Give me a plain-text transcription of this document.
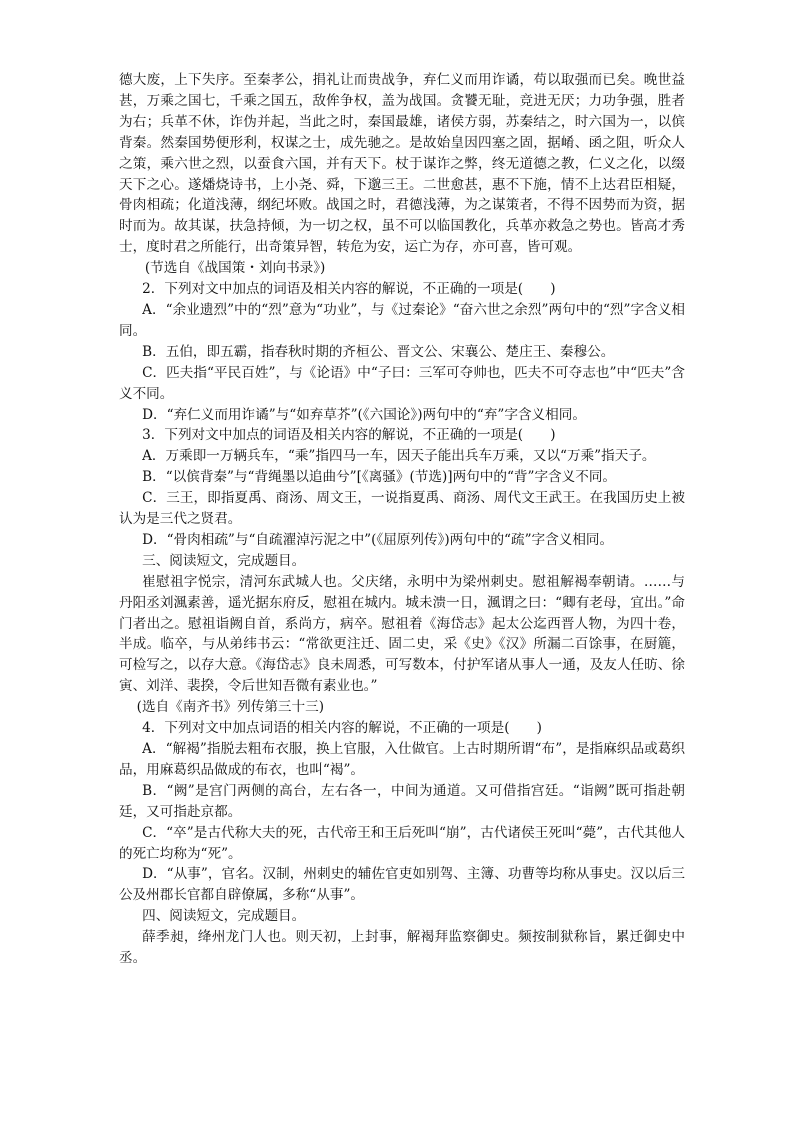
德大废，上下失序。至秦孝公，捐礼让而贵战争，弃仁义而用诈谲，苟以取强而已矣。晚世益甚，万乘之国七，千乘之国五，敌侔争权，盖为战国。贪饕无耻，竞进无厌；力功争强，胜者为右；兵革不休，诈伪并起，当此之时，秦国最雄，诸侯方弱，苏秦结之，时六国为一，以傧背秦。然秦国势便形利，权谋之士，成先驰之。是故始皇因四塞之固，据崤、函之阻，听众人之策，乘六世之烈，以蚕食六国，并有天下。杖于谋诈之弊，终无道德之教，仁义之化，以缀天下之心。遂燔烧诗书，上小尧、舜，下邈三王。二世愈甚，惠不下施，情不上达君臣相疑，骨肉相疏；化道浅薄，纲纪坏败。战国之时，君德浅薄，为之谋策者，不得不因势而为资，据时而为。故其谋，扶急持倾，为一切之权，虽不可以临国教化，兵革亦救急之势也。皆高才秀士，度时君之所能行，出奇策异智，转危为安，运亡为存，亦可喜，皆可观。

(节选自《战国策・刘向书录》)

2．下列对文中加点的词语及相关内容的解说，不正确的一项是(　　)

A．“余业遗烈”中的“烈”意为“功业”，与《过秦论》“奋六世之余烈”两句中的“烈”字含义相同。

B．五伯，即五霸，指春秋时期的齐桓公、晋文公、宋襄公、楚庄王、秦穆公。

C．匹夫指“平民百姓”，与《论语》中“子曰：三军可夺帅也，匹夫不可夺志也”中“匹夫”含义不同。

D．“弃仁义而用诈谲”与“如弃草芥”(《六国论》)两句中的“弃”字含义相同。

3．下列对文中加点的词语及相关内容的解说，不正确的一项是(　　)

A．万乘即一万辆兵车，“乘”指四马一车，因天子能出兵车万乘，又以“万乘”指天子。

B．“以傧背秦”与“背绳墨以追曲兮”[《离骚》(节选)]两句中的“背”字含义不同。

C．三王，即指夏禹、商汤、周文王，一说指夏禹、商汤、周代文王武王。在我国历史上被认为是三代之贤君。

D．“骨肉相疏”与“自疏濯淖污泥之中”(《屈原列传》)两句中的“疏”字含义相同。

三、阅读短文，完成题目。

崔慰祖字悦宗，清河东武城人也。父庆绪，永明中为梁州刺史。慰祖解褐奉朝请。……与丹阳丞刘渢素善，遥光据东府反，慰祖在城内。城未溃一日，渢谓之曰：“卿有老母，宜出。”命门者出之。慰祖诣阙自首，系尚方，病卒。慰祖着《海岱志》起太公迄西晋人物，为四十卷，半成。临卒，与从弟纬书云：“常欲更注迁、固二史，采《史》《汉》所漏二百馀事，在厨簏，可检写之，以存大意。《海岱志》良未周悉，可写数本，付护军诸从事人一通，及友人任昉、徐寅、刘洋、裴揆，令后世知吾微有素业也。”

(选自《南齐书》列传第三十三)

4．下列对文中加点词语的相关内容的解说，不正确的一项是(　　)

A．“解褐”指脱去粗布衣服，换上官服，入仕做官。上古时期所谓“布”，是指麻织品或葛织品，用麻葛织品做成的布衣，也叫“褐”。

B．“阙”是宫门两侧的高台，左右各一，中间为通道。又可借指宫廷。“诣阙”既可指赴朝廷，又可指赴京都。

C．“卒”是古代称大夫的死，古代帝王和王后死叫“崩”，古代诸侯王死叫“薨”，古代其他人的死亡均称为“死”。

D．“从事”，官名。汉制，州刺史的辅佐官吏如别驾、主簿、功曹等均称从事史。汉以后三公及州郡长官都自辟僚属，多称“从事”。

四、阅读短文，完成题目。

薛季昶，绛州龙门人也。则天初，上封事，解褐拜监察御史。频按制狱称旨，累迁御史中丞。
